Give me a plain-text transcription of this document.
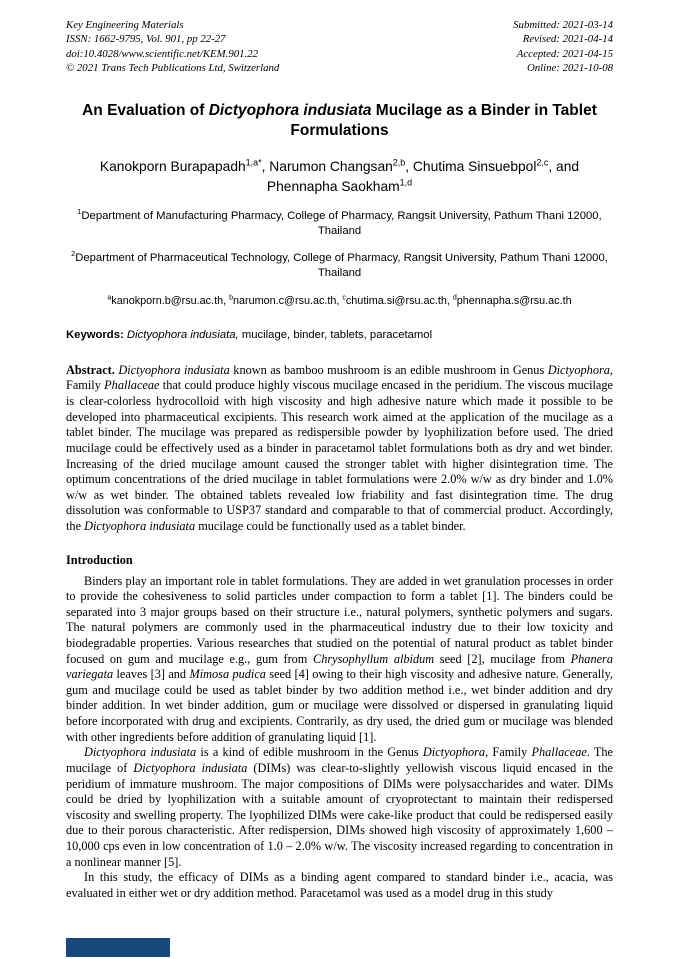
Key Engineering Materials
ISSN: 1662-9795, Vol. 901, pp 22-27
doi:10.4028/www.scientific.net/KEM.901.22
© 2021 Trans Tech Publications Ltd, Switzerland
Submitted: 2021-03-14
Revised: 2021-04-14
Accepted: 2021-04-15
Online: 2021-10-08
An Evaluation of Dictyophora indusiata Mucilage as a Binder in Tablet Formulations
Kanokporn Burapapadh$^{1,a*}$, Narumon Changsan$^{2,b}$, Chutima Sinsuebpol$^{2,c}$, and Phennapha Saokham$^{1,d}$
$^1$Department of Manufacturing Pharmacy, College of Pharmacy, Rangsit University, Pathum Thani 12000, Thailand
$^2$Department of Pharmaceutical Technology, College of Pharmacy, Rangsit University, Pathum Thani 12000, Thailand
$^a$kanokporn.b@rsu.ac.th, $^b$narumon.c@rsu.ac.th, $^c$chutima.si@rsu.ac.th, $^d$phennapha.s@rsu.ac.th
Keywords: Dictyophora indusiata, mucilage, binder, tablets, paracetamol

Abstract. Dictyophora indusiata known as bamboo mushroom is an edible mushroom in Genus Dictyophora, Family Phallaceae that could produce highly viscous mucilage encased in the peridium. The viscous mucilage is clear-colorless hydrocolloid with high viscosity and high adhesive nature which made it possible to be developed into pharmaceutical excipients. This research work aimed at the application of the mucilage as a tablet binder. The mucilage was prepared as redispersible powder by lyophilization before used. The dried mucilage could be effectively used as a binder in paracetamol tablet formulations both as dry and wet binder. Increasing of the dried mucilage amount caused the stronger tablet with higher disintegration time. The optimum concentrations of the dried mucilage in tablet formulations were 2.0% w/w as dry binder and 1.0% w/w as wet binder. The obtained tablets revealed low friability and fast disintegration time. The drug dissolution was conformable to USP37 standard and comparable to that of commercial product. Accordingly, the Dictyophora indusiata mucilage could be functionally used as a tablet binder.

Introduction

Binders play an important role in tablet formulations. They are added in wet granulation processes in order to provide the cohesiveness to solid particles under compaction to form a tablet [1]. The binders could be separated into 3 major groups based on their structure i.e., natural polymers, synthetic polymers and sugars. The natural polymers are commonly used in the pharmaceutical industry due to their low toxicity and biodegradable properties. Various researches that studied on the potential of natural product as tablet binder focused on gum and mucilage e.g., gum from Chrysophyllum albidum seed [2], mucilage from Phanera variegata leaves [3] and Mimosa pudica seed [4] owing to their high viscosity and adhesive nature. Generally, gum and mucilage could be used as tablet binder by two addition method i.e., wet binder addition and dry binder addition. In wet binder addition, gum or mucilage were dissolved or dispersed in granulating liquid before incorporated with drug and excipients. Contrarily, as dry used, the dried gum or mucilage was blended with other ingredients before addition of granulating liquid [1].

Dictyophora indusiata is a kind of edible mushroom in the Genus Dictyophora, Family Phallaceae. The mucilage of Dictyophora indusiata (DIMs) was clear-to-slightly yellowish viscous liquid encased in the peridium of immature mushroom. The major compositions of DIMs were polysaccharides and water. DIMs could be dried by lyophilization with a suitable amount of cryoprotectant to maintain their redispersed viscosity and swelling property. The lyophilized DIMs were cake-like product that could be redispersed easily due to their porous characteristic. After redispersion, DIMs showed high viscosity of approximately 1,600 – 10,000 cps even in low concentration of 1.0 – 2.0% w/w. The viscosity increased regarding to concentration in a nonlinear manner [5].

In this study, the efficacy of DIMs as a binding agent compared to standard binder i.e., acacia, was evaluated in either wet or dry addition method. Paracetamol was used as a model drug in this study
